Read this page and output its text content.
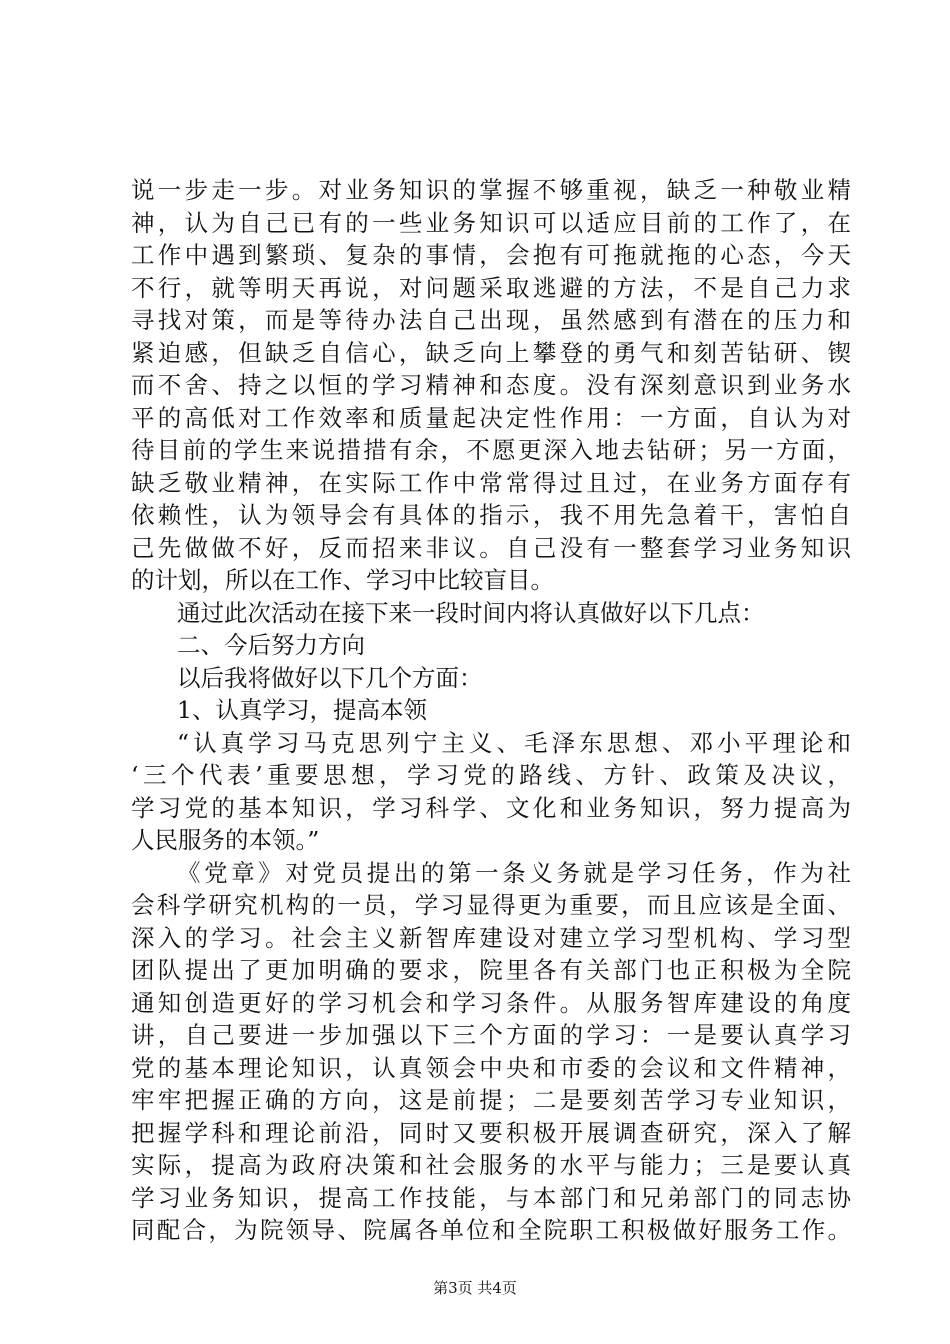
说一步走一步。对业务知识的掌握不够重视，缺乏一种敬业精
神，认为自己已有的一些业务知识可以适应目前的工作了，在
工作中遇到繁琐、复杂的事情，会抱有可拖就拖的心态，今天
不行，就等明天再说，对问题采取逃避的方法，不是自己力求
寻找对策，而是等待办法自己出现，虽然感到有潜在的压力和
紧迫感，但缺乏自信心，缺乏向上攀登的勇气和刻苦钻研、锲
而不舍、持之以恒的学习精神和态度。没有深刻意识到业务水
平的高低对工作效率和质量起决定性作用：一方面，自认为对
待目前的学生来说措措有余，不愿更深入地去钻研；另一方面，
缺乏敬业精神，在实际工作中常常得过且过，在业务方面存有
依赖性，认为领导会有具体的指示，我不用先急着干，害怕自
己先做做不好，反而招来非议。自己没有一整套学习业务知识
的计划，所以在工作、学习中比较盲目。
通过此次活动在接下来一段时间内将认真做好以下几点：
二、今后努力方向
以后我将做好以下几个方面：
1、认真学习，提高本领
“认真学习马克思列宁主义、毛泽东思想、邓小平理论和
‘三个代表’重要思想，学习党的路线、方针、政策及决议，
学习党的基本知识，学习科学、文化和业务知识，努力提高为
人民服务的本领。”
《党章》对党员提出的第一条义务就是学习任务，作为社
会科学研究机构的一员，学习显得更为重要，而且应该是全面、
深入的学习。社会主义新智库建设对建立学习型机构、学习型
团队提出了更加明确的要求，院里各有关部门也正积极为全院
通知创造更好的学习机会和学习条件。从服务智库建设的角度
讲，自己要进一步加强以下三个方面的学习：一是要认真学习
党的基本理论知识，认真领会中央和市委的会议和文件精神，
牢牢把握正确的方向，这是前提；二是要刻苦学习专业知识，
把握学科和理论前沿，同时又要积极开展调查研究，深入了解
实际，提高为政府决策和社会服务的水平与能力；三是要认真
学习业务知识，提高工作技能，与本部门和兄弟部门的同志协
同配合，为院领导、院属各单位和全院职工积极做好服务工作。
第3页 共4页
